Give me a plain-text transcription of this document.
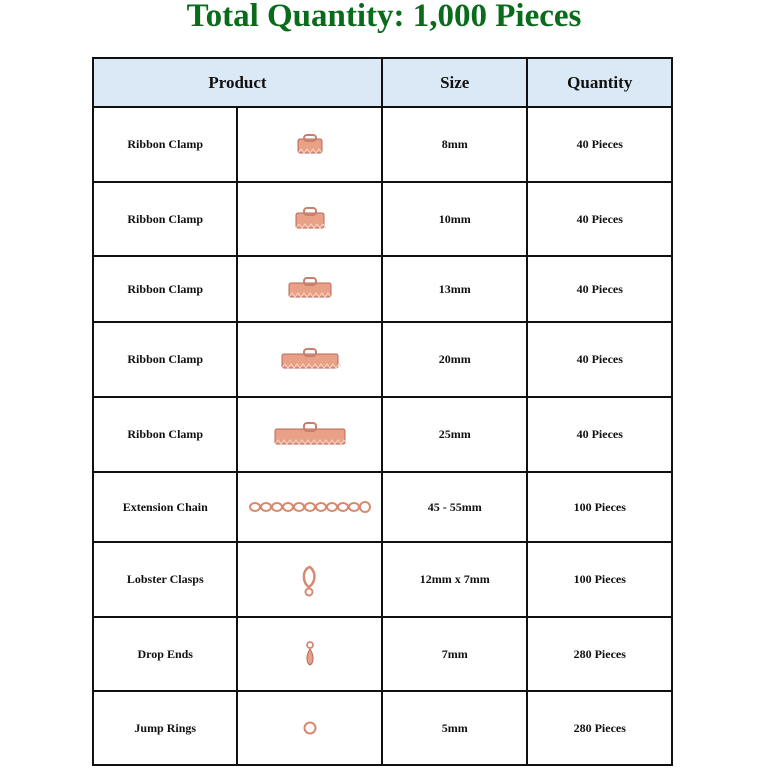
Total Quantity: 1,000 Pieces
Product		Size	Quantity
Ribbon Clamp		8mm	40 Pieces
Ribbon Clamp		10mm	40 Pieces
Ribbon Clamp		13mm	40 Pieces
Ribbon Clamp		20mm	40 Pieces
Ribbon Clamp		25mm	40 Pieces
Extension Chain		45 - 55mm	100 Pieces
Lobster Clasps		12mm x 7mm	100 Pieces
Drop Ends		7mm	280 Pieces
Jump Rings		5mm	280 Pieces
